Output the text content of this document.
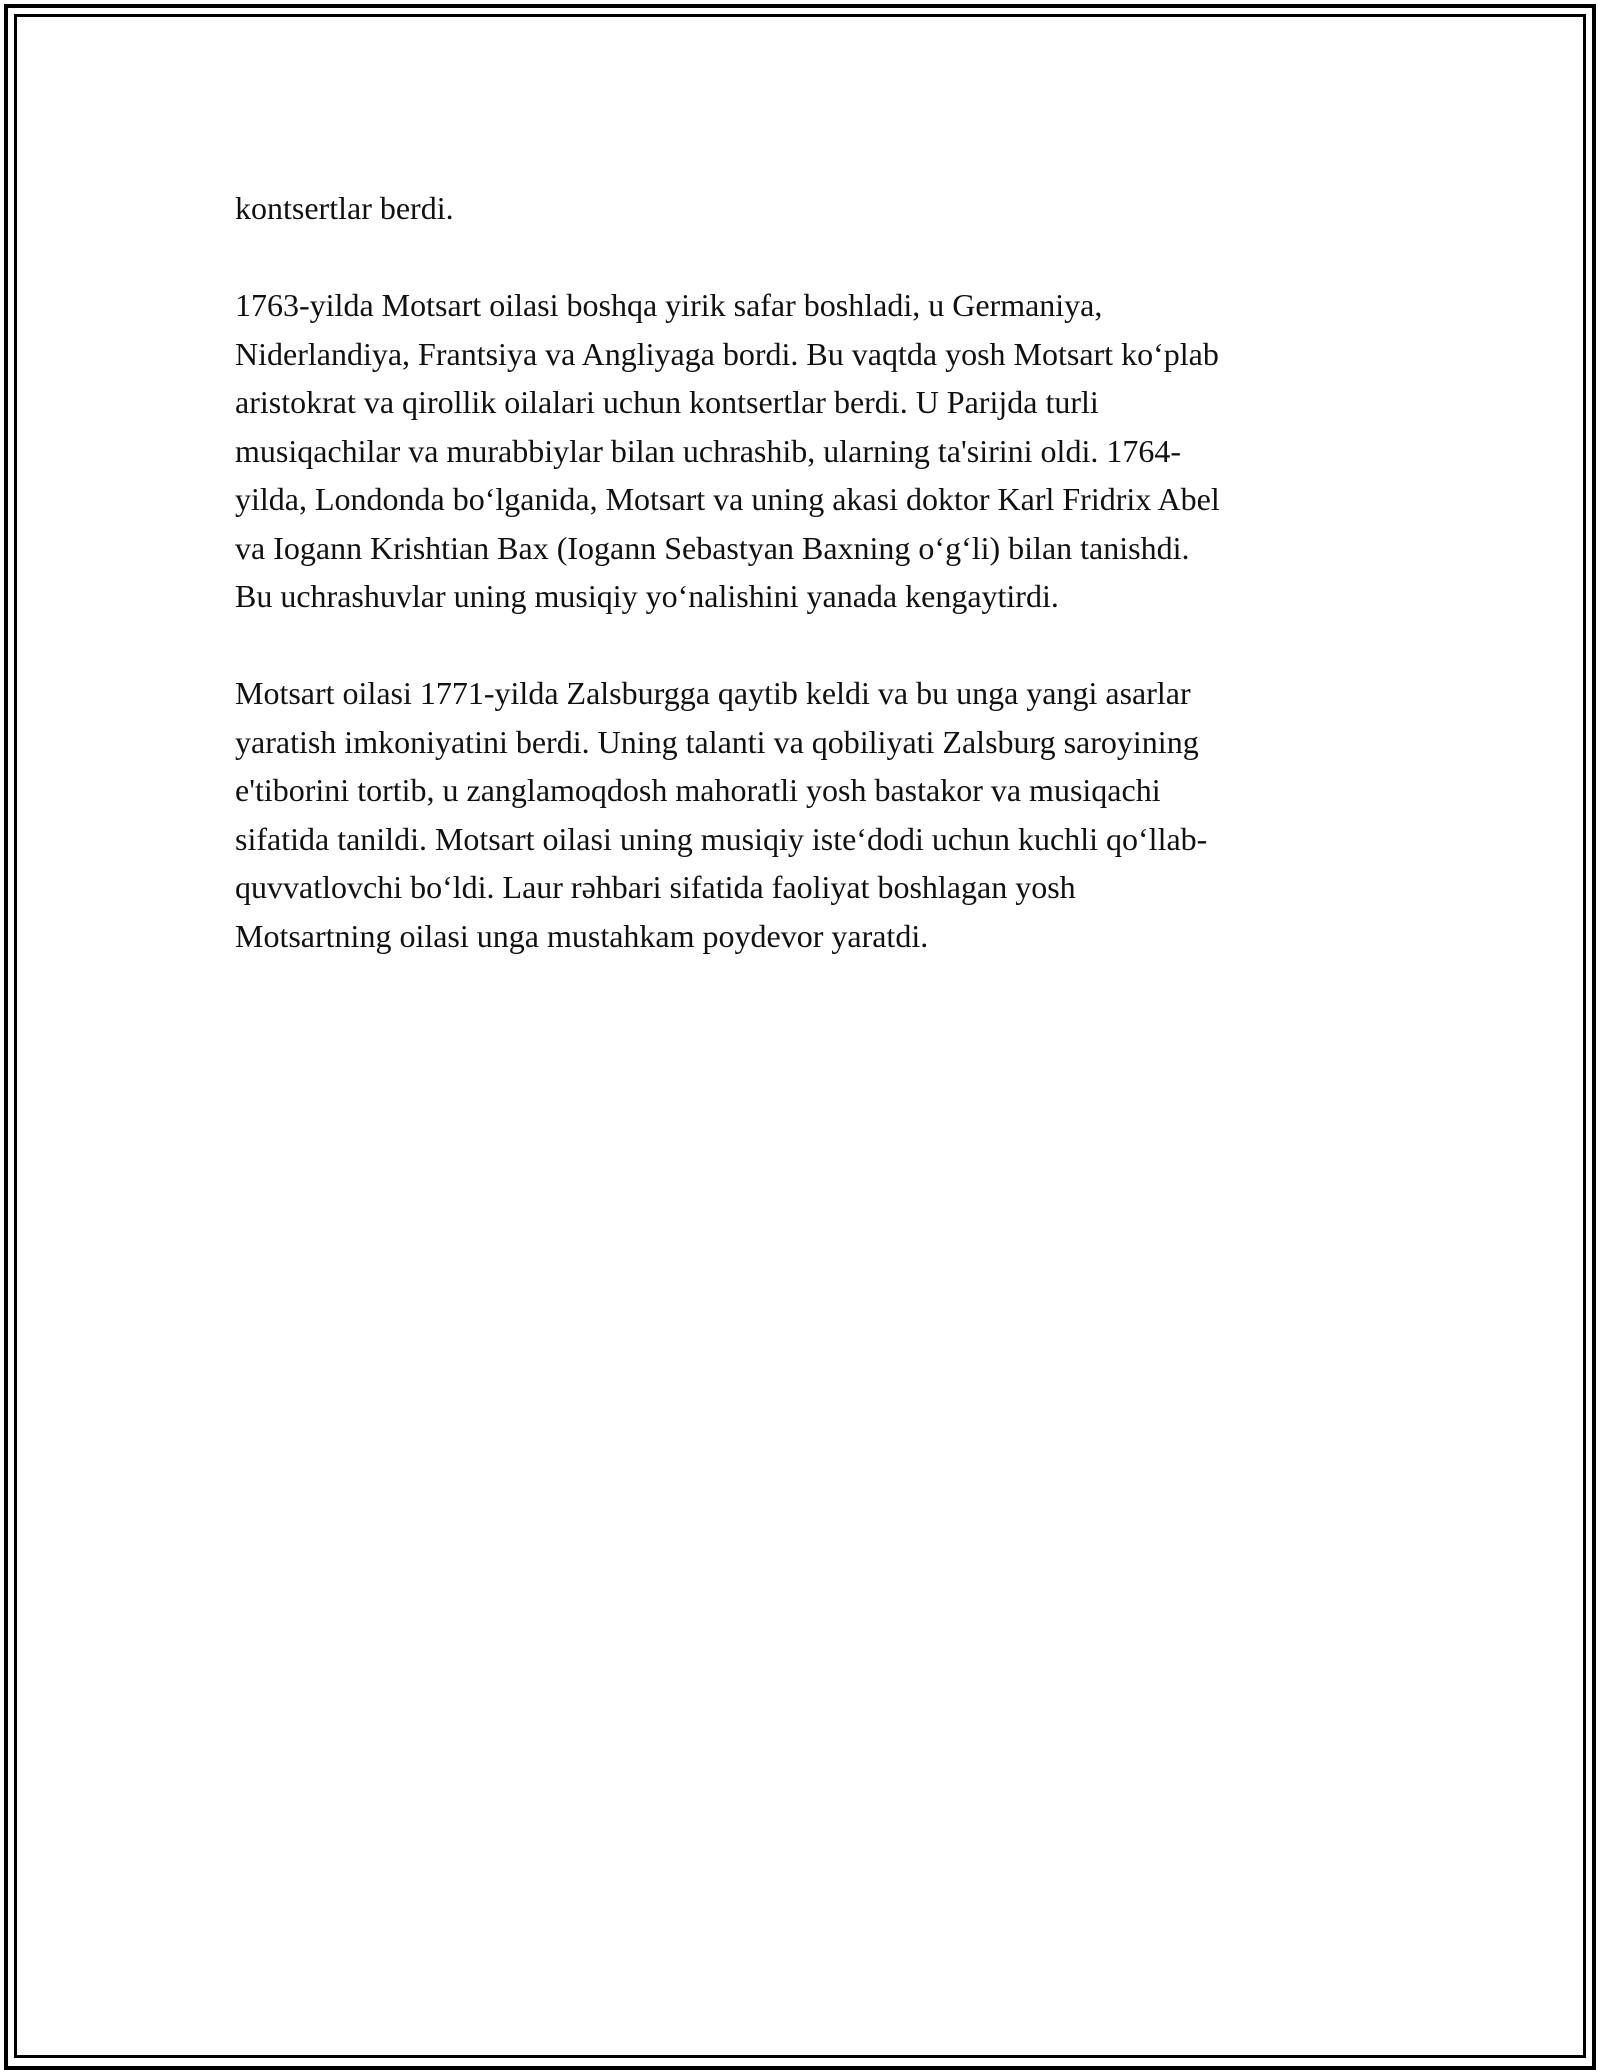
kontsertlar berdi.

1763-yilda Motsart oilasi boshqa yirik safar boshladi, u Germaniya,
Niderlandiya, Frantsiya va Angliyaga bordi. Bu vaqtda yosh Motsart ko‘plab
aristokrat va qirollik oilalari uchun kontsertlar berdi. U Parijda turli
musiqachilar va murabbiylar bilan uchrashib, ularning ta'sirini oldi. 1764-
yilda, Londonda bo‘lganida, Motsart va uning akasi doktor Karl Fridrix Abel
va Iogann Krishtian Bax (Iogann Sebastyan Baxning o‘g‘li) bilan tanishdi.
Bu uchrashuvlar uning musiqiy yo‘nalishini yanada kengaytirdi.

Motsart oilasi 1771-yilda Zalsburgga qaytib keldi va bu unga yangi asarlar
yaratish imkoniyatini berdi. Uning talanti va qobiliyati Zalsburg saroyining
e'tiborini tortib, u zanglamoqdosh mahoratli yosh bastakor va musiqachi
sifatida tanildi. Motsart oilasi uning musiqiy iste‘dodi uchun kuchli qo‘llab-
quvvatlovchi bo‘ldi. Laur rəhbari sifatida faoliyat boshlagan yosh
Motsartning oilasi unga mustahkam poydevor yaratdi.
